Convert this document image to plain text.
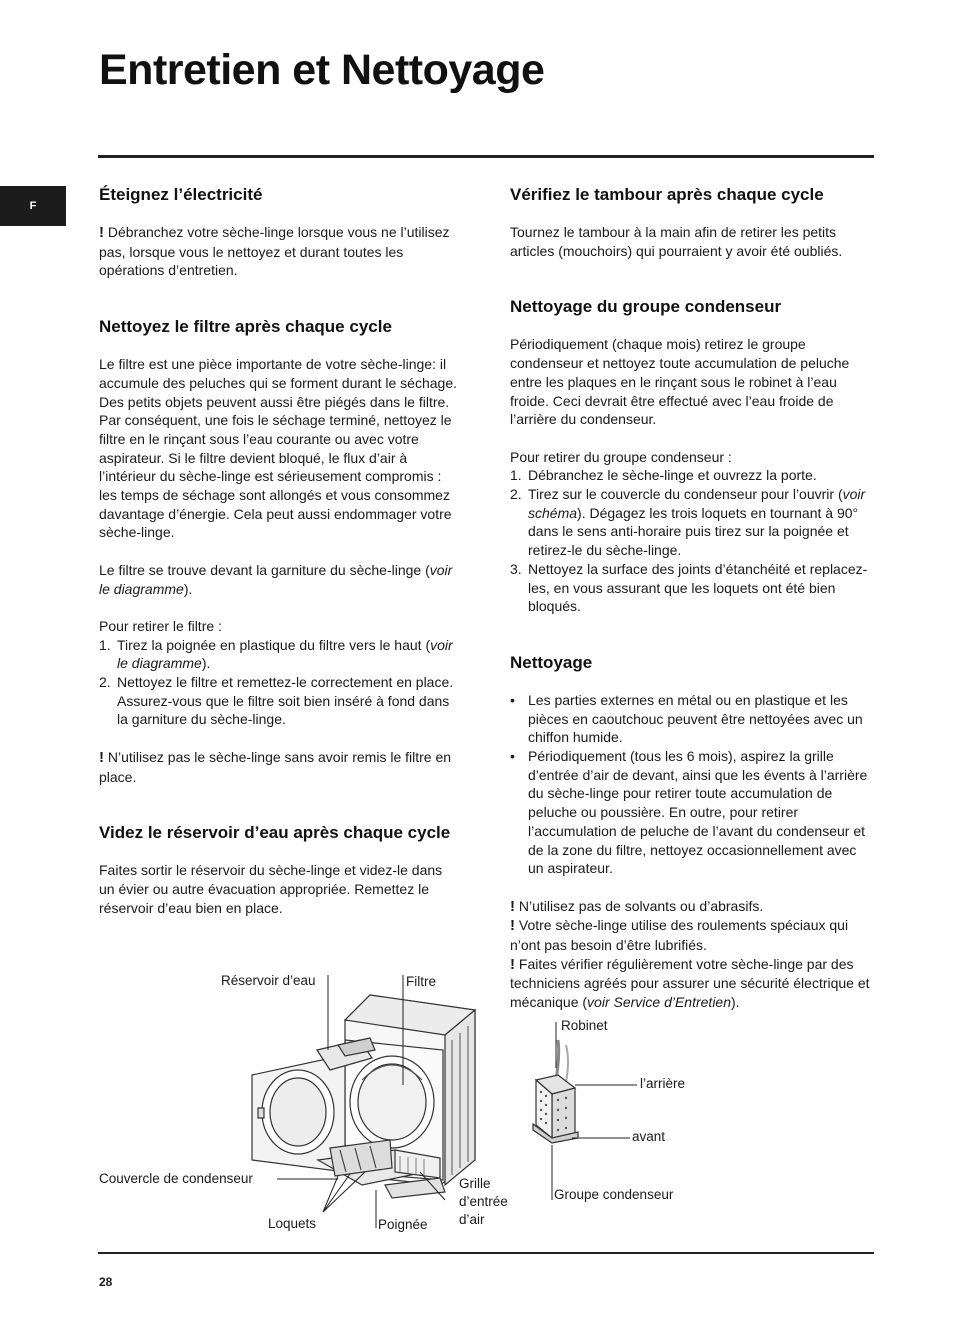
Entretien et Nettoyage
F
Éteignez l’électricité

! Débranchez votre sèche-linge lorsque vous ne l’utilisez pas, lorsque vous le nettoyez et durant toutes les opérations d’entretien.

Nettoyez le filtre après chaque cycle

Le filtre est une pièce importante de votre sèche-linge: il accumule des peluches qui se forment durant le séchage. Des petits objets peuvent aussi être piégés dans le filtre. Par conséquent, une fois le séchage terminé, nettoyez le filtre en le rinçant sous l’eau courante ou avec votre aspirateur. Si le filtre devient bloqué, le flux d’air à l’intérieur du sèche-linge est sérieusement compromis : les temps de séchage sont allongés et vous consommez davantage d’énergie. Cela peut aussi endommager votre sèche-linge.

Le filtre se trouve devant la garniture du sèche-linge (voir le diagramme).

Pour retirer le filtre :

1. Tirez la poignée en plastique du filtre vers le haut (voir le diagramme).
2. Nettoyez le filtre et remettez-le correctement en place. Assurez-vous que le filtre soit bien inséré à fond dans la garniture du sèche-linge.

! N’utilisez pas le sèche-linge sans avoir remis le filtre en place.

Videz le réservoir d’eau après chaque cycle

Faites sortir le réservoir du sèche-linge et videz-le dans un évier ou autre évacuation appropriée. Remettez le réservoir d’eau bien en place.

Vérifiez le tambour après chaque cycle

Tournez le tambour à la main afin de retirer les petits articles (mouchoirs) qui pourraient y avoir été oubliés.

Nettoyage du groupe condenseur

Périodiquement (chaque mois) retirez le groupe condenseur et nettoyez toute accumulation de peluche entre les plaques en le rinçant sous le robinet à l’eau froide. Ceci devrait être effectué avec l’eau froide de l’arrière du condenseur.

Pour retirer du groupe condenseur :

1. Débranchez le sèche-linge et ouvrezz la porte.
2. Tirez sur le couvercle du condenseur pour l’ouvrir (voir schéma). Dégagez les trois loquets en tournant à 90° dans le sens anti-horaire puis tirez sur la poignée et retirez-le du sèche-linge.
3. Nettoyez la surface des joints d’étanchéité et replacez-les, en vous assurant que les loquets ont été bien bloqués.
Nettoyage
• Les parties externes en métal ou en plastique et les pièces en caoutchouc peuvent être nettoyées avec un chiffon humide.
• Périodiquement (tous les 6 mois), aspirez la grille d’entrée d’air de devant, ainsi que les évents à l’arrière du sèche-linge pour retirer toute accumulation de peluche ou poussière. En outre, pour retirer l’accumulation de peluche de l’avant du condenseur et de la zone du filtre, nettoyez occasionnellement avec un aspirateur.

! N’utilisez pas de solvants ou d’abrasifs.

! Votre sèche-linge utilise des roulements spéciaux qui n’ont pas besoin d’être lubrifiés.

! Faites vérifier régulièrement votre sèche-linge par des techniciens agréés pour assurer une sécurité électrique et mécanique (voir Service d’Entretien).

Réservoir d’eau	Filtre
Couvercle de condenseur	Grille
d’entrée
d’air
Loquets	Poignée
Robinet
l’arrière
avant
Groupe condenseur
28
